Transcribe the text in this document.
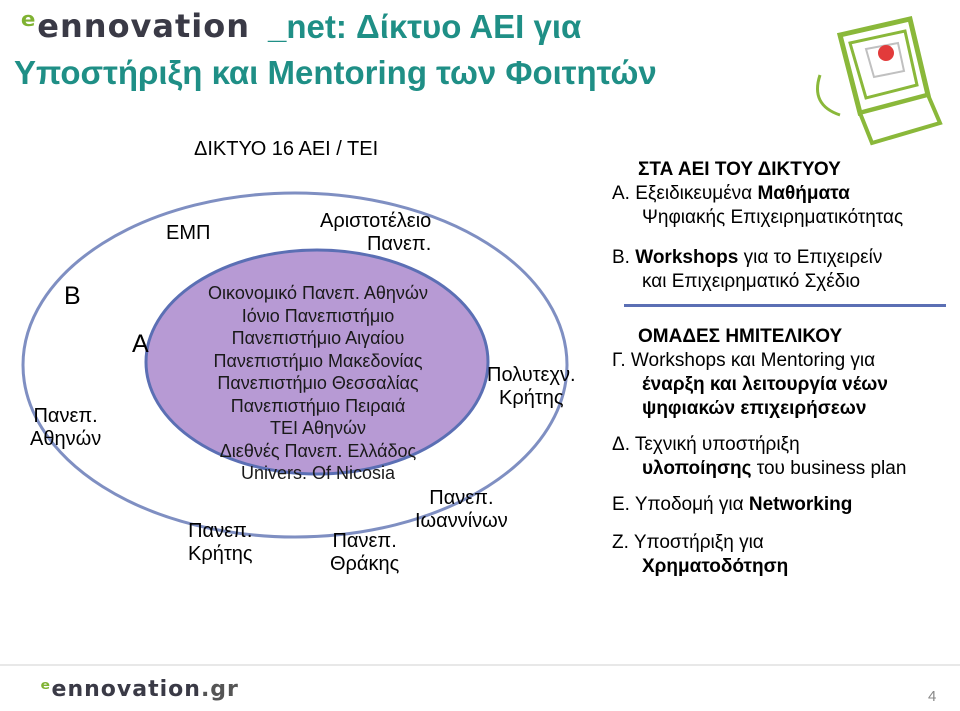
ᵉennovation _net: Δίκτυο ΑΕΙ για
Υποστήριξη και Mentoring των Φοιτητών
ΔΙΚΤΥΟ 16 ΑΕΙ / ΤΕΙ
Β
Α
Πανεπ.
Αθηνών
ΕΜΠ
Αριστοτέλειο
Πανεπ.
Πολυτεχν.
Κρήτης
Πανεπ.
Ιωαννίνων
Πανεπ.
Θράκης
Πανεπ.
Κρήτης
Οικονομικό Πανεπ. Αθηνών
Ιόνιο Πανεπιστήμιο
Πανεπιστήμιο Αιγαίου
Πανεπιστήμιο Μακεδονίας
Πανεπιστήμιο Θεσσαλίας
Πανεπιστήμιο Πειραιά
ΤΕΙ Αθηνών
Διεθνές Πανεπ. Ελλάδος
Univers. Of Nicosia
ΣΤΑ ΑΕΙ ΤΟΥ ΔΙΚΤΥΟΥ
Α. Εξειδικευμένα Μαθήματα
Ψηφιακής Επιχειρηματικότητας
Β. Workshops για το Επιχειρείν
και Επιχειρηματικό Σχέδιο
ΟΜΑΔΕΣ ΗΜΙΤΕΛΙΚΟΥ
Γ. Workshops και Mentoring για
έναρξη και λειτουργία νέων
ψηφιακών επιχειρήσεων
Δ. Τεχνική υποστήριξη
υλοποίησης του business plan
Ε. Υποδομή για Networking
Ζ. Υποστήριξη για
Χρηματοδότηση
ᵉennovation.gr	4
